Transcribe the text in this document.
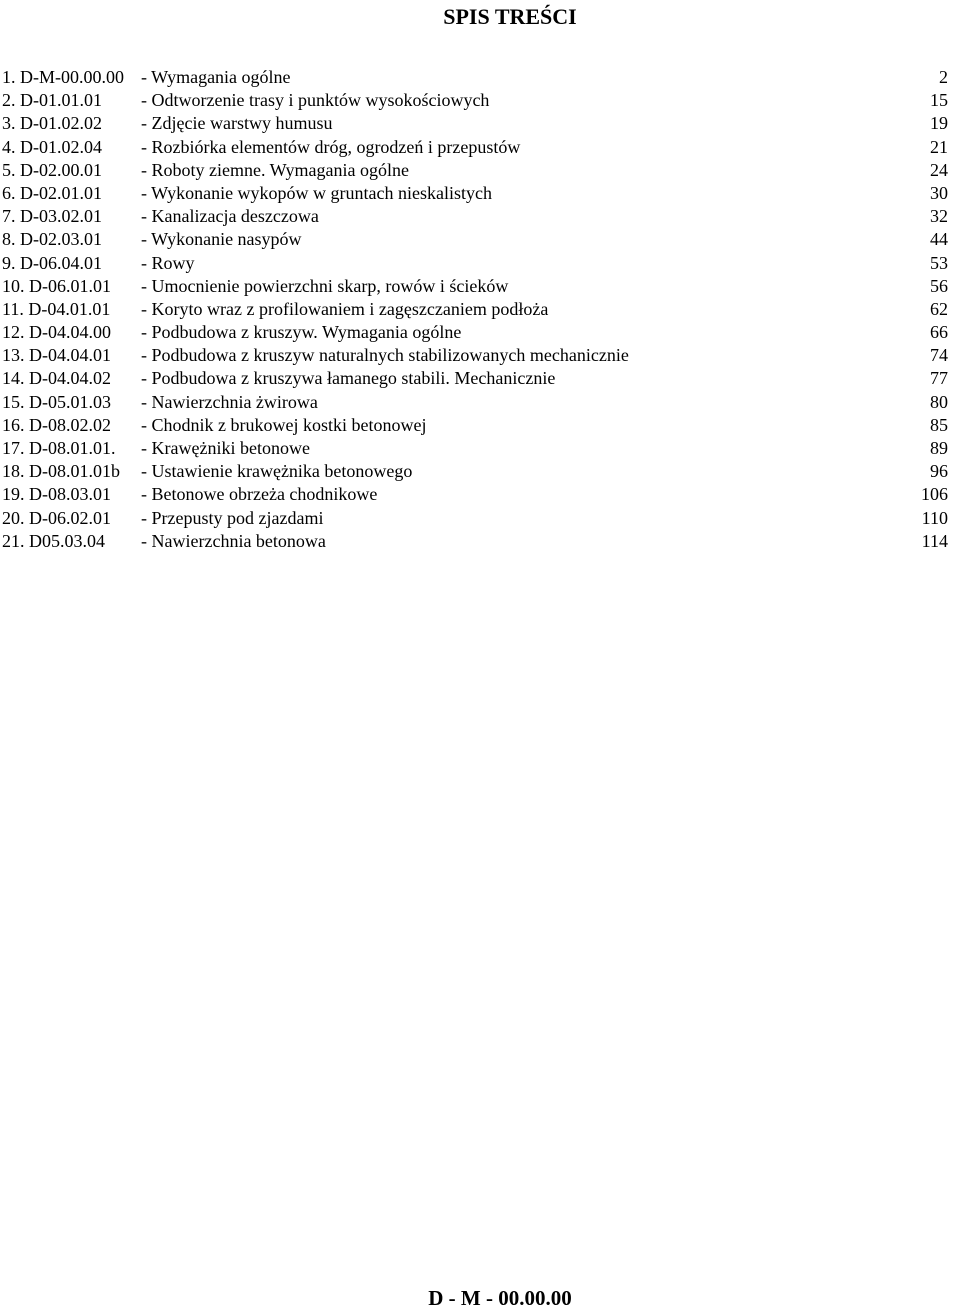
SPIS TREŚCI
1. D-M-00.00.00 - Wymagania ogólne	2
2. D-01.01.01 - Odtworzenie trasy i punktów wysokościowych	15
3. D-01.02.02 - Zdjęcie warstwy humusu	19
4. D-01.02.04 - Rozbiórka elementów dróg, ogrodzeń i przepustów	21
5. D-02.00.01 - Roboty ziemne. Wymagania ogólne	24
6. D-02.01.01 - Wykonanie wykopów w gruntach nieskalistych	30
7. D-03.02.01 - Kanalizacja deszczowa	32
8. D-02.03.01 - Wykonanie nasypów	44
9. D-06.04.01 - Rowy	53
10. D-06.01.01 - Umocnienie powierzchni skarp, rowów i ścieków	56
11. D-04.01.01 - Koryto wraz z profilowaniem i zagęszczaniem podłoża	62
12. D-04.04.00 - Podbudowa z kruszyw. Wymagania ogólne	66
13. D-04.04.01 - Podbudowa z kruszyw naturalnych stabilizowanych mechanicznie	74
14. D-04.04.02 - Podbudowa z kruszywa łamanego stabili. Mechanicznie	77
15. D-05.01.03 - Nawierzchnia żwirowa	80
16. D-08.02.02 - Chodnik z brukowej kostki betonowej	85
17. D-08.01.01. - Krawężniki betonowe	89
18. D-08.01.01b - Ustawienie krawężnika betonowego	96
19. D-08.03.01 - Betonowe obrzeża chodnikowe	106
20. D-06.02.01 - Przepusty pod zjazdami	110
21. D05.03.04 - Nawierzchnia betonowa	114
D - M - 00.00.00
